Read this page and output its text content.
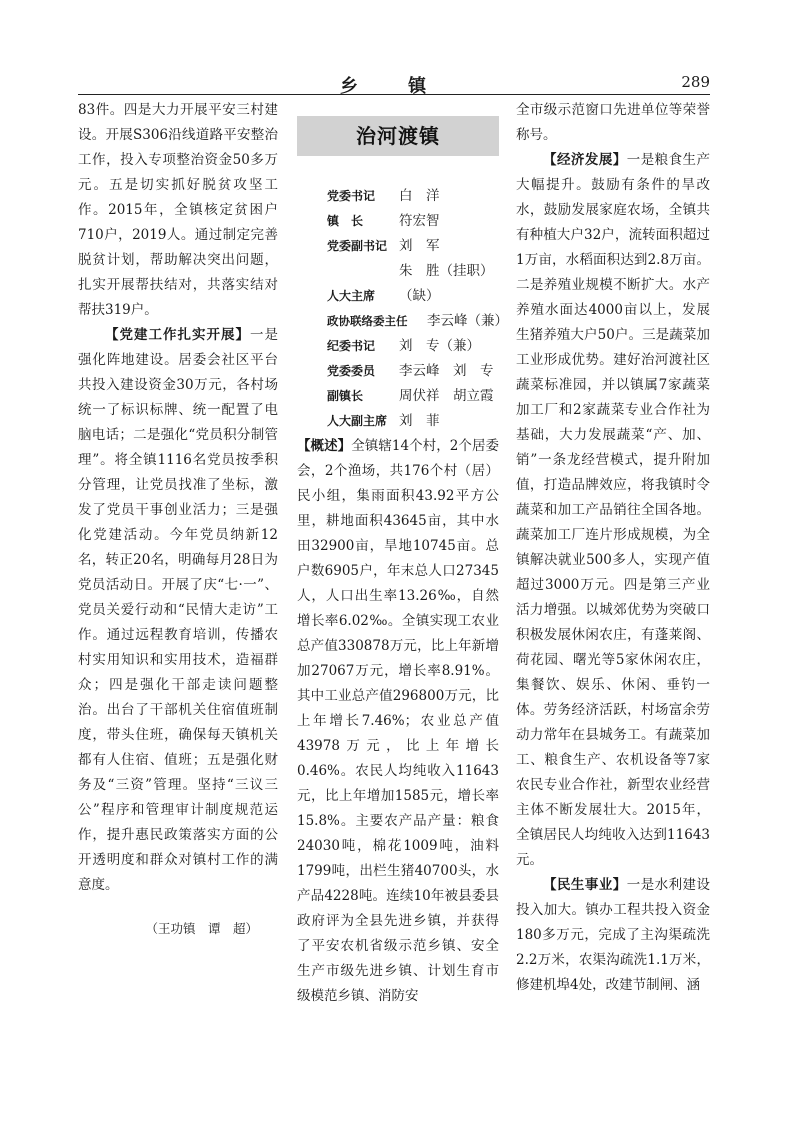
乡 镇	289

83件。四是大力开展平安三村建设。开展S306沿线道路平安整治工作，投入专项整治资金50多万元。五是切实抓好脱贫攻坚工作。2015年，全镇核定贫困户710户，2019人。通过制定完善脱贫计划，帮助解决突出问题，扎实开展帮扶结对，共落实结对帮扶319户。

【党建工作扎实开展】一是强化阵地建设。居委会社区平台共投入建设资金30万元，各村场统一了标识标牌、统一配置了电脑电话；二是强化“党员积分制管理”。将全镇1116名党员按季积分管理，让党员找准了坐标，激发了党员干事创业活力；三是强化党建活动。今年党员纳新12名，转正20名，明确每月28日为党员活动日。开展了庆“七·一”、党员关爱行动和“民情大走访”工作。通过远程教育培训，传播农村实用知识和实用技术，造福群众；四是强化干部走读问题整治。出台了干部机关住宿值班制度，带头住班，确保每天镇机关都有人住宿、值班；五是强化财务及“三资”管理。坚持“三议三公”程序和管理审计制度规范运作，提升惠民政策落实方面的公开透明度和群众对镇村工作的满意度。

（王功镇　谭　超）
治河渡镇
党委书记	白　洋
镇　长	符宏智
党委副书记 刘　军
朱　胜（挂职）
人大主席	（缺）
政协联络委主任	李云峰（兼）
纪委书记	刘　专（兼）
党委委员	李云峰　刘　专
副镇长	周伏祥　胡立霞
人大副主席 刘　菲

【概述】全镇辖14个村，2个居委会，2个渔场，共176个村（居）民小组，集雨面积43.92平方公里，耕地面积43645亩，其中水田32900亩，旱地10745亩。总户数6905户，年末总人口27345人，人口出生率13.26‰，自然增长率6.02‰。全镇实现工农业总产值330878万元，比上年新增加27067万元，增长率8.91%。其中工业总产值296800万元，比上年增长7.46%；农业总产值43978万元，比上年增长0.46%。农民人均纯收入11643元，比上年增加1585元，增长率15.8%。主要农产品产量：粮食24030吨，棉花1009吨，油料1799吨，出栏生猪40700头，水产品4228吨。连续10年被县委县政府评为全县先进乡镇，并获得了平安农机省级示范乡镇、安全生产市级先进乡镇、计划生育市级模范乡镇、消防安

全市级示范窗口先进单位等荣誉称号。

【经济发展】一是粮食生产大幅提升。鼓励有条件的旱改水，鼓励发展家庭农场，全镇共有种植大户32户，流转面积超过1万亩，水稻面积达到2.8万亩。二是养殖业规模不断扩大。水产养殖水面达4000亩以上，发展生猪养殖大户50户。三是蔬菜加工业形成优势。建好治河渡社区蔬菜标准园，并以镇属7家蔬菜加工厂和2家蔬菜专业合作社为基础，大力发展蔬菜“产、加、销”一条龙经营模式，提升附加值，打造品牌效应，将我镇时令蔬菜和加工产品销往全国各地。蔬菜加工厂连片形成规模，为全镇解决就业500多人，实现产值超过3000万元。四是第三产业活力增强。以城郊优势为突破口积极发展休闲农庄，有蓬莱阁、荷花园、曙光等5家休闲农庄，集餐饮、娱乐、休闲、垂钓一体。劳务经济活跃，村场富余劳动力常年在县城务工。有蔬菜加工、粮食生产、农机设备等7家农民专业合作社，新型农业经营主体不断发展壮大。2015年，全镇居民人均纯收入达到11643元。

【民生事业】一是水利建设投入加大。镇办工程共投入资金180多万元，完成了主沟渠疏洗2.2万米，农渠沟疏洗1.1万米，修建机埠4处，改建节制闸、涵
